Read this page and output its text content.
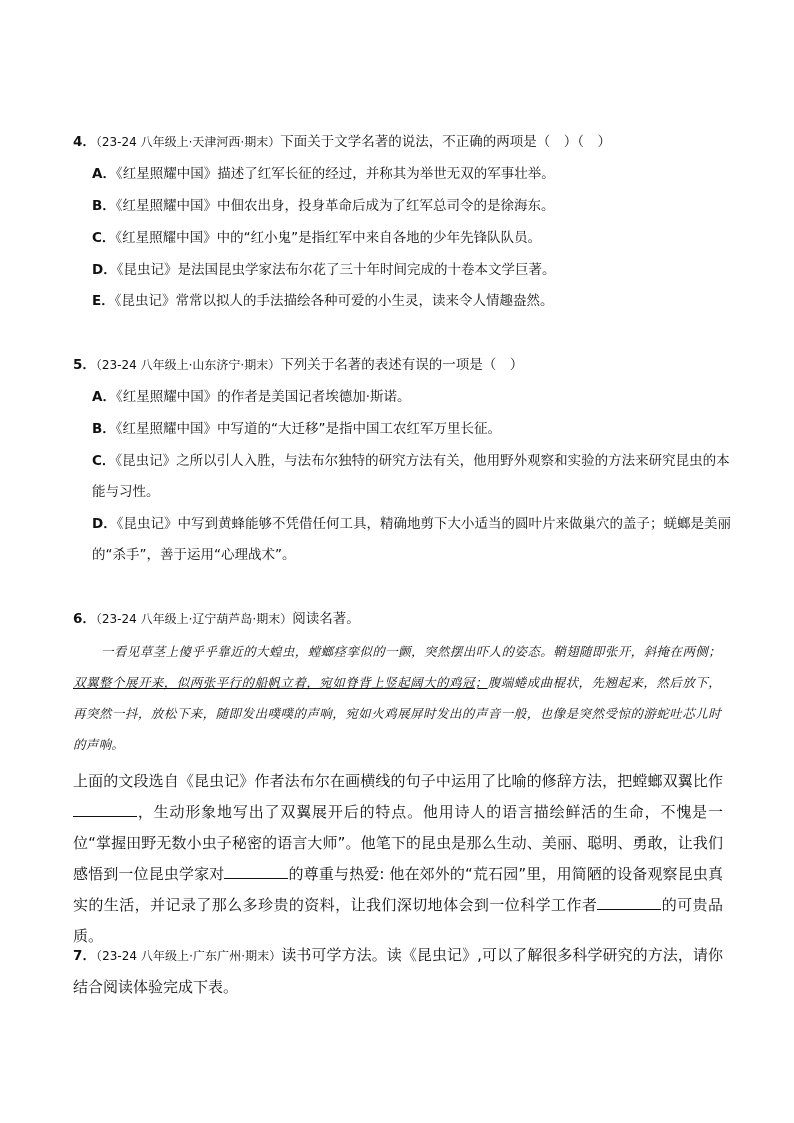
4．（23-24 八年级上·天津河西·期末）下面关于文学名著的说法，不正确的两项是（　）（　）
A．《红星照耀中国》描述了红军长征的经过，并称其为举世无双的军事壮举。
B．《红星照耀中国》中佃农出身，投身革命后成为了红军总司令的是徐海东。
C．《红星照耀中国》中的“红小鬼”是指红军中来自各地的少年先锋队队员。
D．《昆虫记》是法国昆虫学家法布尔花了三十年时间完成的十卷本文学巨著。
E．《昆虫记》常常以拟人的手法描绘各种可爱的小生灵，读来令人情趣盎然。
5．（23-24 八年级上·山东济宁·期末）下列关于名著的表述有误的一项是（　）
A．《红星照耀中国》的作者是美国记者埃德加·斯诺。
B．《红星照耀中国》中写道的“大迁移”是指中国工农红军万里长征。
C．《昆虫记》之所以引人入胜，与法布尔独特的研究方法有关，他用野外观察和实验的方法来研究昆虫的本能与习性。
D．《昆虫记》中写到黄蜂能够不凭借任何工具，精确地剪下大小适当的圆叶片来做巢穴的盖子；蜣螂是美丽的“杀手”，善于运用“心理战术”。
6．（23-24 八年级上·辽宁葫芦岛·期末）阅读名著。
一看见草茎上傻乎乎靠近的大蝗虫，螳螂痉挛似的一颤，突然摆出吓人的姿态。鞘翅随即张开，斜掩在两侧；双翼整个展开来，似两张平行的船帆立着，宛如脊背上竖起阔大的鸡冠；腹端蜷成曲棍状，先翘起来，然后放下，再突然一抖，放松下来，随即发出噗噗的声响，宛如火鸡展屏时发出的声音一般，也像是突然受惊的游蛇吐芯儿时的声响。
上面的文段选自《昆虫记》作者法布尔在画横线的句子中运用了比喻的修辞方法，把螳螂双翼比作，生动形象地写出了双翼展开后的特点。他用诗人的语言描绘鲜活的生命，不愧是一位“掌握田野无数小虫子秘密的语言大师”。他笔下的昆虫是那么生动、美丽、聪明、勇敢，让我们感悟到一位昆虫学家对	的尊重与热爱: 他在郊外的“荒石园”里，用简陋的设备观察昆虫真实的生活，并记录了那么多珍贵的资料，让我们深切地体会到一位科学工作者	的可贵品质。
7．（23-24 八年级上·广东广州·期末）读书可学方法。读《昆虫记》,可以了解很多科学研究的方法，请你结合阅读体验完成下表。
